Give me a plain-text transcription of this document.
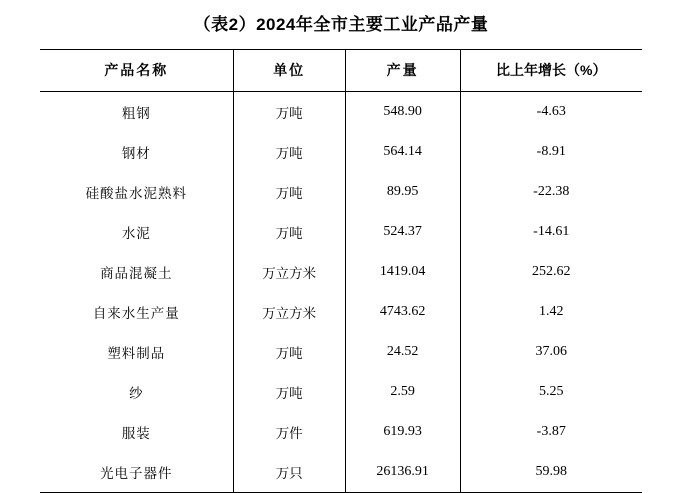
（表2）2024年全市主要工业产品产量
产品名称	单位	产量	比上年增长（%）
粗钢	万吨	548.90	-4.63
钢材	万吨	564.14	-8.91
硅酸盐水泥熟料	万吨	89.95	-22.38
水泥	万吨	524.37	-14.61
商品混凝土	万立方米	1419.04	252.62
自来水生产量	万立方米	4743.62	1.42
塑料制品	万吨	24.52	37.06
纱	万吨	2.59	5.25
服装	万件	619.93	-3.87
光电子器件	万只	26136.91	59.98
